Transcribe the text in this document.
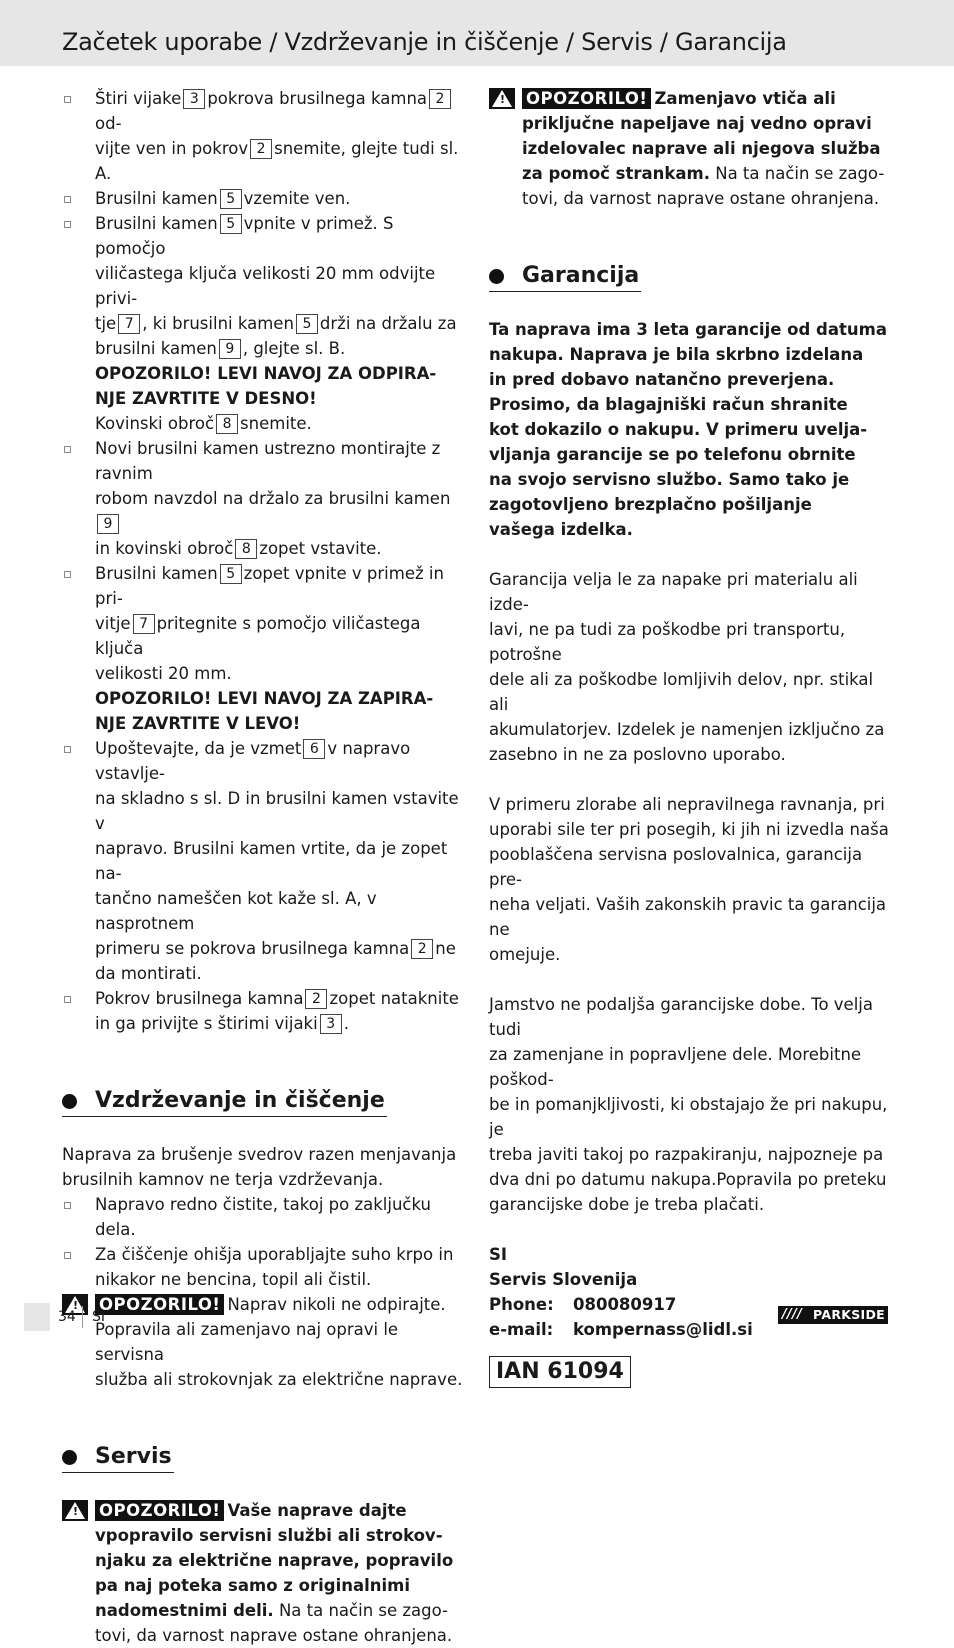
Začetek uporabe / Vzdrževanje in čiščenje / Servis / Garancija

Štiri vijake 3 pokrova brusilnega kamna 2od-
vijte ven in pokrov 2 snemite, glejte tudi sl. A.

Brusilni kamen 5 vzemite ven.

Brusilni kamen 5 vpnite v primež. S pomočjo
viličastega ključa velikosti 20 mm odvijte privi-
tje 7 , ki brusilni kamen 5 drži na držalu za
brusilni kamen 9 , glejte sl. B.

OPOZORILO! LEVI NAVOJ ZA ODPIRA-
NJE ZAVRTITE V DESNO!

Kovinski obroč 8 snemite.

Novi brusilni kamen ustrezno montirajte z ravnim
robom navzdol na držalo za brusilni kamen9
in kovinski obroč 8 zopet vstavite.

Brusilni kamen 5 zopet vpnite v primež in pri-
vitje 7 pritegnite s pomočjo viličastega ključa
velikosti 20 mm.

OPOZORILO! LEVI NAVOJ ZA ZAPIRA-
NJE ZAVRTITE V LEVO!

Upoštevajte, da je vzmet 6 v napravo vstavlje-
na skladno s sl. D in brusilni kamen vstavite v
napravo. Brusilni kamen vrtite, da je zopet na-
tančno nameščen kot kaže sl. A, v nasprotnem
primeru se pokrova brusilnega kamna 2 ne
da montirati.

Pokrov brusilnega kamna 2 zopet nataknite
in ga privijte s štirimi vijaki 3 .

Vzdrževanje in čiščenje

Naprava za brušenje svedrov razen menjavanja
brusilnih kamnov ne terja vzdrževanja.

Napravo redno čistite, takoj po zaključku dela.

Za čiščenje ohišja uporabljajte suho krpo in
nikakor ne bencina, topil ali čistil.

! OPOZORILO! Naprav nikoli ne odpirajte.
Popravila ali zamenjavo naj opravi le servisna
služba ali strokovnjak za električne naprave.

Servis

! OPOZORILO! Vaše naprave dajte
vpopravilo servisni službi ali strokov-
njaku za električne naprave, popravilo
pa naj poteka samo z originalnimi
nadomestnimi deli. Na ta način se zago-
tovi, da varnost naprave ostane ohranjena.

! OPOZORILO! Zamenjavo vtiča ali
priključne napeljave naj vedno opravi
izdelovalec naprave ali njegova služba
za pomoč strankam. Na ta način se zago-
tovi, da varnost naprave ostane ohranjena.

Garancija

Ta naprava ima 3 leta garancije od datuma
nakupa. Naprava je bila skrbno izdelana
in pred dobavo natančno preverjena.
Prosimo, da blagajniški račun shranite
kot dokazilo o nakupu. V primeru uvelja-
vljanja garancije se po telefonu obrnite
na svojo servisno službo. Samo tako je
zagotovljeno brezplačno pošiljanje
vašega izdelka.

Garancija velja le za napake pri materialu ali izde-
lavi, ne pa tudi za poškodbe pri transportu, potrošne
dele ali za poškodbe lomljivih delov, npr. stikal ali
akumulatorjev. Izdelek je namenjen izključno za
zasebno in ne za poslovno uporabo.

V primeru zlorabe ali nepravilnega ravnanja, pri
uporabi sile ter pri posegih, ki jih ni izvedla naša
pooblaščena servisna poslovalnica, garancija pre-
neha veljati. Vaših zakonskih pravic ta garancija ne
omejuje.

Jamstvo ne podaljša garancijske dobe. To velja tudi
za zamenjane in popravljene dele. Morebitne poškod-
be in pomanjkljivosti, ki obstajajo že pri nakupu, je
treba javiti takoj po razpakiranju, najpozneje pa
dva dni po datumu nakupa.Popravila po preteku
garancijske dobe je treba plačati.

SI
Servis Slovenija
Phone:	080080917
e-mail:	kompernass@lidl.si
IAN 61094
34 SI	//// PARKSIDE
